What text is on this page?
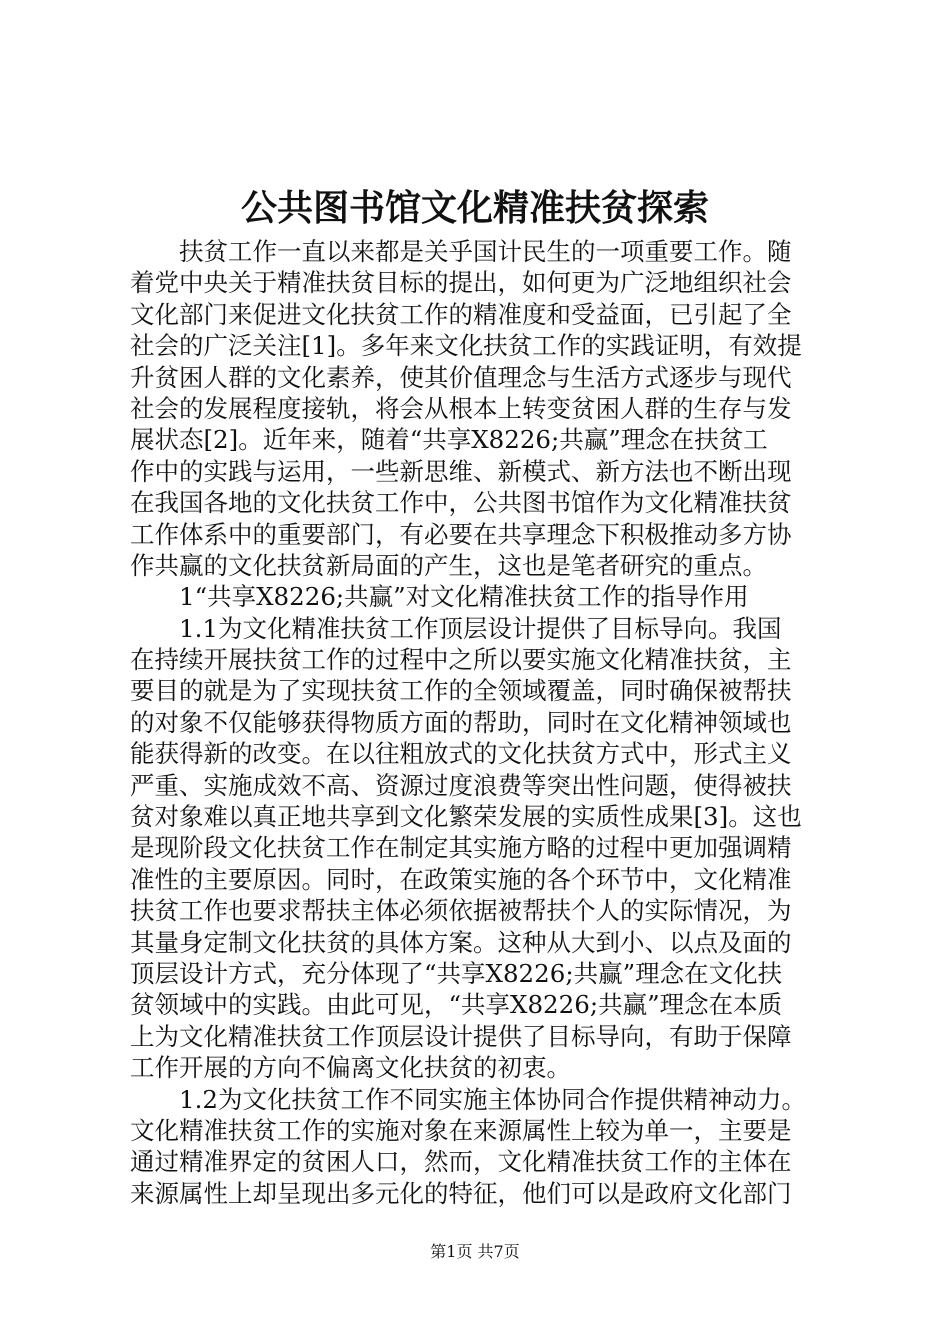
公共图书馆文化精准扶贫探索
　　扶贫工作一直以来都是关乎国计民生的一项重要工作。随
着党中央关于精准扶贫目标的提出，如何更为广泛地组织社会
文化部门来促进文化扶贫工作的精准度和受益面，已引起了全
社会的广泛关注[1]。多年来文化扶贫工作的实践证明，有效提
升贫困人群的文化素养，使其价值理念与生活方式逐步与现代
社会的发展程度接轨，将会从根本上转变贫困人群的生存与发
展状态[2]。近年来，随着“共享X8226;共赢”理念在扶贫工
作中的实践与运用，一些新思维、新模式、新方法也不断出现
在我国各地的文化扶贫工作中，公共图书馆作为文化精准扶贫
工作体系中的重要部门，有必要在共享理念下积极推动多方协
作共赢的文化扶贫新局面的产生，这也是笔者研究的重点。
　　1“共享X8226;共赢”对文化精准扶贫工作的指导作用
　　1.1为文化精准扶贫工作顶层设计提供了目标导向。我国
在持续开展扶贫工作的过程中之所以要实施文化精准扶贫，主
要目的就是为了实现扶贫工作的全领域覆盖，同时确保被帮扶
的对象不仅能够获得物质方面的帮助，同时在文化精神领域也
能获得新的改变。在以往粗放式的文化扶贫方式中，形式主义
严重、实施成效不高、资源过度浪费等突出性问题，使得被扶
贫对象难以真正地共享到文化繁荣发展的实质性成果[3]。这也
是现阶段文化扶贫工作在制定其实施方略的过程中更加强调精
准性的主要原因。同时，在政策实施的各个环节中，文化精准
扶贫工作也要求帮扶主体必须依据被帮扶个人的实际情况，为
其量身定制文化扶贫的具体方案。这种从大到小、以点及面的
顶层设计方式，充分体现了“共享X8226;共赢”理念在文化扶
贫领域中的实践。由此可见，“共享X8226;共赢”理念在本质
上为文化精准扶贫工作顶层设计提供了目标导向，有助于保障
工作开展的方向不偏离文化扶贫的初衷。
　　1.2为文化扶贫工作不同实施主体协同合作提供精神动力。
文化精准扶贫工作的实施对象在来源属性上较为单一，主要是
通过精准界定的贫困人口，然而，文化精准扶贫工作的主体在
来源属性上却呈现出多元化的特征，他们可以是政府文化部门
第1页 共7页
